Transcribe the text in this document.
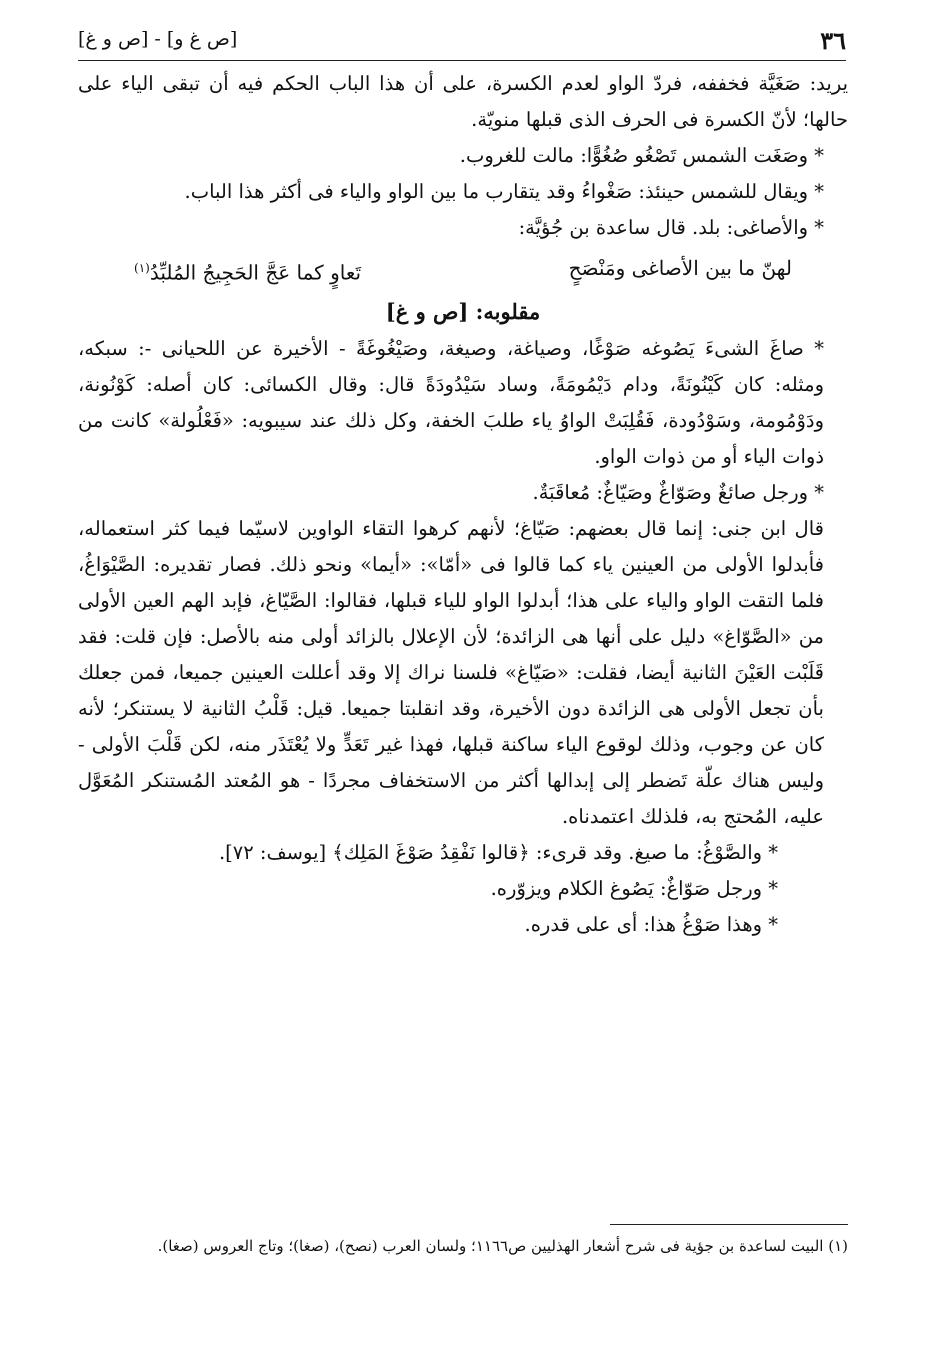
٣٦
[ص غ و] - [ص و غ]

يريد: صَغَيَّة فخففه، فردّ الواو لعدم الكسرة، على أن هذا الباب الحكم فيه أن تبقى الياء على حالها؛ لأنّ الكسرة فى الحرف الذى قبلها منويّة.

* وصَغَت الشمس تَصْغُو صُغُوًّا: مالت للغروب.

* ويقال للشمس حينئذ: صَغْواءُ وقد يتقارب ما بين الواو والياء فى أكثر هذا الباب.

* والأصاغى: بلد. قال ساعدة بن جُؤيَّة:

لهنّ ما بين الأصاغى ومَنْصَحٍ
تَعاوٍ كما عَجَّ الحَجِيجُ المُلبِّدُ$^{(١)}$
مقلوبه: [ص و غ]

* صاغَ الشىءَ يَصُوغه صَوْغًا، وصياغة، وصيغة، وصَيْغُوغَةً - الأخيرة عن اللحيانى -: سبكه، ومثله: كان كَيْنُونَةً، ودام دَيْمُومَةً، وساد سَيْدُودَةً قال: وقال الكسائى: كان أصله: كَوْنُونة، ودَوْمُومة، وسَوْدُودة، فَقُلِبَتْ الواوُ ياء طلبَ الخفة، وكل ذلك عند سيبويه: «فَعْلُولة» كانت من ذوات الياء أو من ذوات الواو.

* ورجل صائغٌ وصَوّاغٌ وصَيّاغٌ: مُعاقَبَةٌ.

قال ابن جنى: إنما قال بعضهم: صَيّاغ؛ لأنهم كرهوا التقاء الواوين لاسيّما فيما كثر استعماله، فأبدلوا الأولى من العينين ياء كما قالوا فى «أمّا»: «أيما» ونحو ذلك. فصار تقديره: الصَّيْوَاغُ، فلما التقت الواو والياء على هذا؛ أبدلوا الواو للياء قبلها، فقالوا: الصَّيّاغ، فإبد الهم العين الأولى من «الصَّوّاغ» دليل على أنها هى الزائدة؛ لأن الإعلال بالزائد أولى منه بالأصل: فإن قلت: فقد قَلَبْت العَيْنَ الثانية أيضا، فقلت: «صَيّاغ» فلسنا نراك إلا وقد أعللت العينين جميعا، فمن جعلك بأن تجعل الأولى هى الزائدة دون الأخيرة، وقد انقلبتا جميعا. قيل: قَلْبُ الثانية لا يستنكر؛ لأنه كان عن وجوب، وذلك لوقوع الياء ساكنة قبلها، فهذا غير تَعَدٍّ ولا يُعْتَذَر منه، لكن قَلْبَ الأولى - وليس هناك علّة تَضطر إلى إبدالها أكثر من الاستخفاف مجردًا - هو المُعتد المُستنكر المُعَوَّل عليه، المُحتج به، فلذلك اعتمدناه.

* والصَّوْغُ: ما صيغ. وقد قرىء: ﴿قالوا نَفْقِدُ صَوْغَ المَلِك﴾ [يوسف: ٧٢].

* ورجل صَوّاغٌ: يَصُوغ الكلام ويزوّره.

* وهذا صَوْغُ هذا: أى على قدره.

(١) البيت لساعدة بن جؤية فى شرح أشعار الهذليين ص١١٦٦؛ ولسان العرب (نصح)، (صغا)؛ وتاج العروس (صغا).
